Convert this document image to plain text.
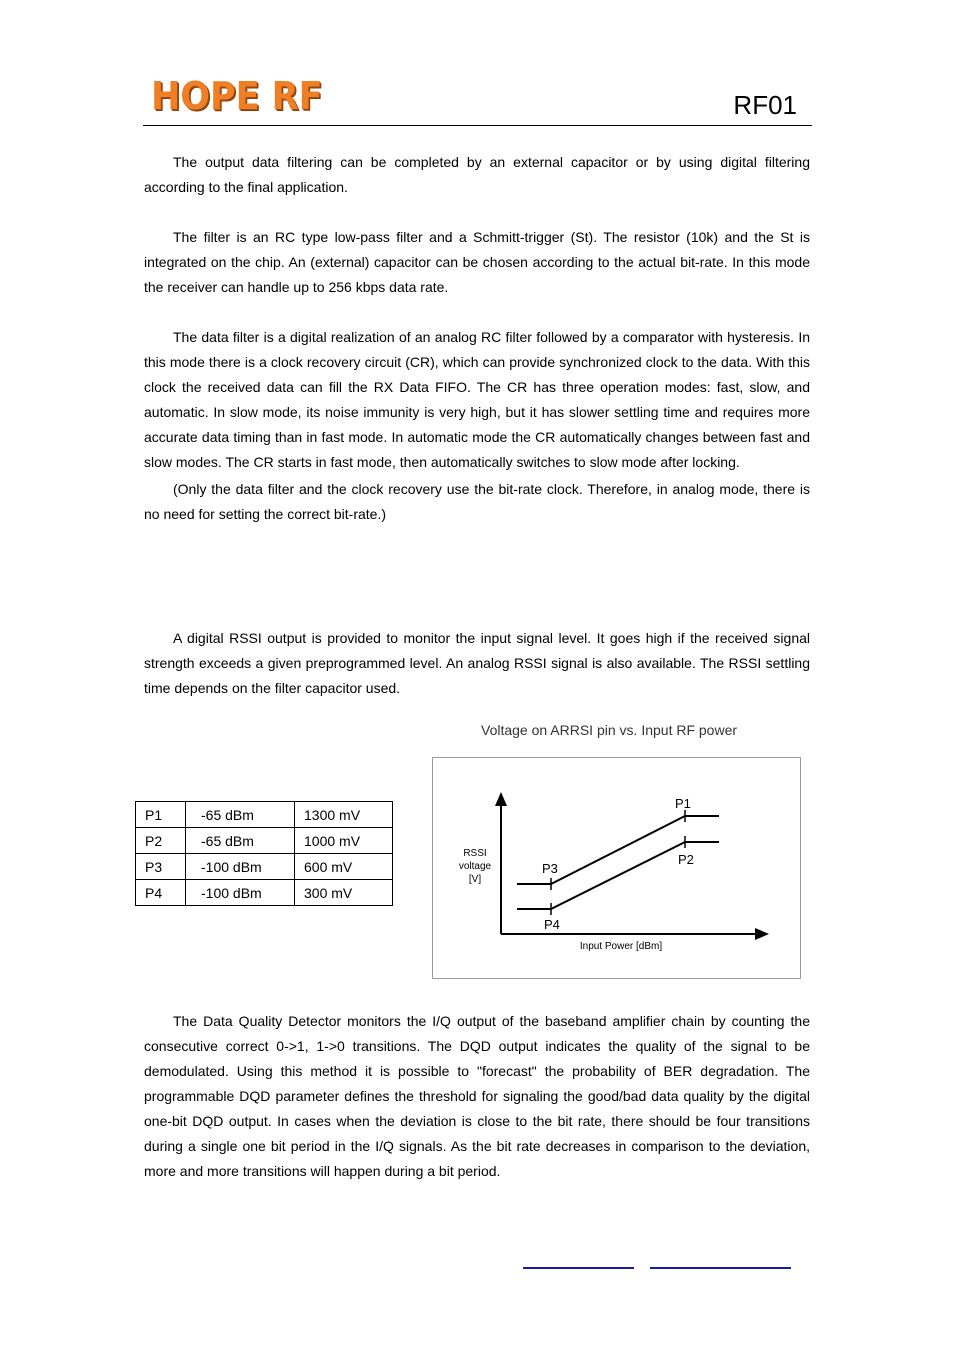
HOPE RF	RF01

The output data filtering can be completed by an external capacitor or by using digital filtering according to the final application.

The filter is an RC type low-pass filter and a Schmitt-trigger (St). The resistor (10k) and the St is integrated on the chip. An (external) capacitor can be chosen according to the actual bit-rate. In this mode the receiver can handle up to 256 kbps data rate.

The data filter is a digital realization of an analog RC filter followed by a comparator with hysteresis. In this mode there is a clock recovery circuit (CR), which can provide synchronized clock to the data. With this clock the received data can fill the RX Data FIFO. The CR has three operation modes: fast, slow, and automatic. In slow mode, its noise immunity is very high, but it has slower settling time and requires more accurate data timing than in fast mode. In automatic mode the CR automatically changes between fast and slow modes. The CR starts in fast mode, then automatically switches to slow mode after locking.

(Only the data filter and the clock recovery use the bit-rate clock. Therefore, in analog mode, there is no need for setting the correct bit-rate.)

A digital RSSI output is provided to monitor the input signal level. It goes high if the received signal strength exceeds a given preprogrammed level. An analog RSSI signal is also available. The RSSI settling time depends on the filter capacitor used.

P1	-65 dBm	1300 mV
P2	-65 dBm	1000 mV
P3	-100 dBm	600 mV
P4	-100 dBm	300 mV
Voltage on ARRSI pin vs. Input RF power
P1
P2
P3
P4
RSSI
voltage
[V]
Input Power [dBm]

The Data Quality Detector monitors the I/Q output of the baseband amplifier chain by counting the consecutive correct 0->1, 1->0 transitions. The DQD output indicates the quality of the signal to be demodulated. Using this method it is possible to "forecast" the probability of BER degradation. The programmable DQD parameter defines the threshold for signaling the good/bad data quality by the digital one-bit DQD output. In cases when the deviation is close to the bit rate, there should be four transitions during a single one bit period in the I/Q signals. As the bit rate decreases in comparison to the deviation, more and more transitions will happen during a bit period.
